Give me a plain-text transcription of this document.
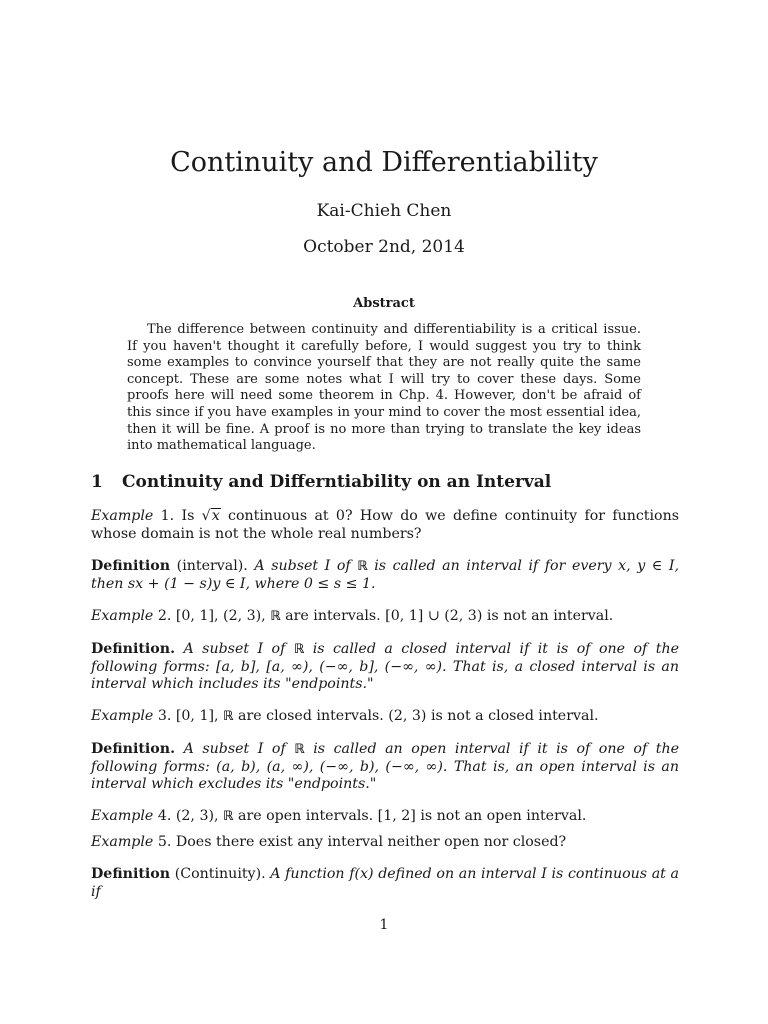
Continuity and Differentiability
Kai-Chieh Chen
October 2nd, 2014
Abstract

The difference between continuity and differentiability is a critical issue. If you haven't thought it carefully before, I would suggest you try to think some examples to convince yourself that they are not really quite the same concept. These are some notes what I will try to cover these days. Some proofs here will need some theorem in Chp. 4. However, don't be afraid of this since if you have examples in your mind to cover the most essential idea, then it will be fine. A proof is no more than trying to translate the key ideas into mathematical language.

1 Continuity and Differntiability on an Interval

Example 1. Is √x continuous at 0? How do we define continuity for functions whose domain is not the whole real numbers?

Definition (interval). A subset I of ℝ is called an interval if for every x, y ∈ I, then sx + (1 − s)y ∈ I, where 0 ≤ s ≤ 1.

Example 2. [0, 1], (2, 3), ℝ are intervals. [0, 1] ∪ (2, 3) is not an interval.

Definition. A subset I of ℝ is called a closed interval if it is of one of the following forms: [a, b], [a, ∞), (−∞, b], (−∞, ∞). That is, a closed interval is an interval which includes its "endpoints."

Example 3. [0, 1], ℝ are closed intervals. (2, 3) is not a closed interval.

Definition. A subset I of ℝ is called an open interval if it is of one of the following forms: (a, b), (a, ∞), (−∞, b), (−∞, ∞). That is, an open interval is an interval which excludes its "endpoints."

Example 4. (2, 3), ℝ are open intervals. [1, 2] is not an open interval.

Example 5. Does there exist any interval neither open nor closed?

Definition (Continuity). A function f(x) defined on an interval I is continuous at a if

1
